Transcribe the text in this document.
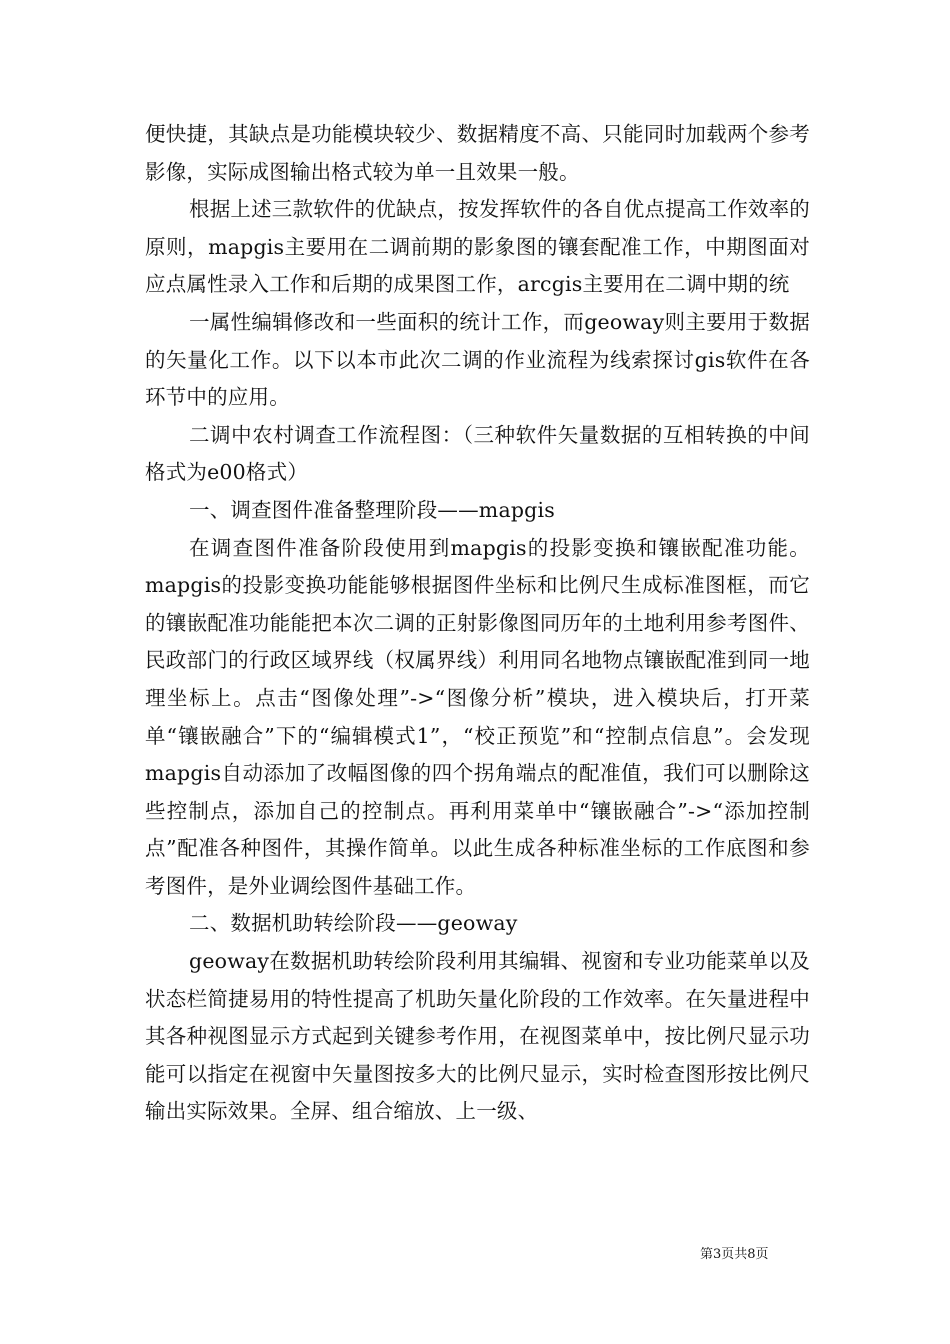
便快捷，其缺点是功能模块较少、数据精度不高、只能同时加载两个参考影像，实际成图输出格式较为单一且效果一般。

根据上述三款软件的优缺点，按发挥软件的各自优点提高工作效率的原则，mapgis主要用在二调前期的影象图的镶套配准工作，中期图面对应点属性录入工作和后期的成果图工作，arcgis主要用在二调中期的统

一属性编辑修改和一些面积的统计工作，而geoway则主要用于数据的矢量化工作。以下以本市此次二调的作业流程为线索探讨gis软件在各环节中的应用。

二调中农村调查工作流程图：（三种软件矢量数据的互相转换的中间格式为e00格式）

一、调查图件准备整理阶段——mapgis

在调查图件准备阶段使用到mapgis的投影变换和镶嵌配准功能。mapgis的投影变换功能能够根据图件坐标和比例尺生成标准图框，而它的镶嵌配准功能能把本次二调的正射影像图同历年的土地利用参考图件、民政部门的行政区域界线（权属界线）利用同名地物点镶嵌配准到同一地理坐标上。点击“图像处理”->“图像分析”模块，进入模块后，打开菜单“镶嵌融合”下的“编辑模式1”，“校正预览”和“控制点信息”。会发现mapgis自动添加了改幅图像的四个拐角端点的配准值，我们可以删除这些控制点，添加自己的控制点。再利用菜单中“镶嵌融合”->“添加控制点”配准各种图件，其操作简单。以此生成各种标准坐标的工作底图和参考图件，是外业调绘图件基础工作。

二、数据机助转绘阶段——geoway

geoway在数据机助转绘阶段利用其编辑、视窗和专业功能菜单以及状态栏简捷易用的特性提高了机助矢量化阶段的工作效率。在矢量进程中其各种视图显示方式起到关键参考作用，在视图菜单中，按比例尺显示功能可以指定在视窗中矢量图按多大的比例尺显示，实时检查图形按比例尺输出实际效果。全屏、组合缩放、上一级、

第3页共8页
